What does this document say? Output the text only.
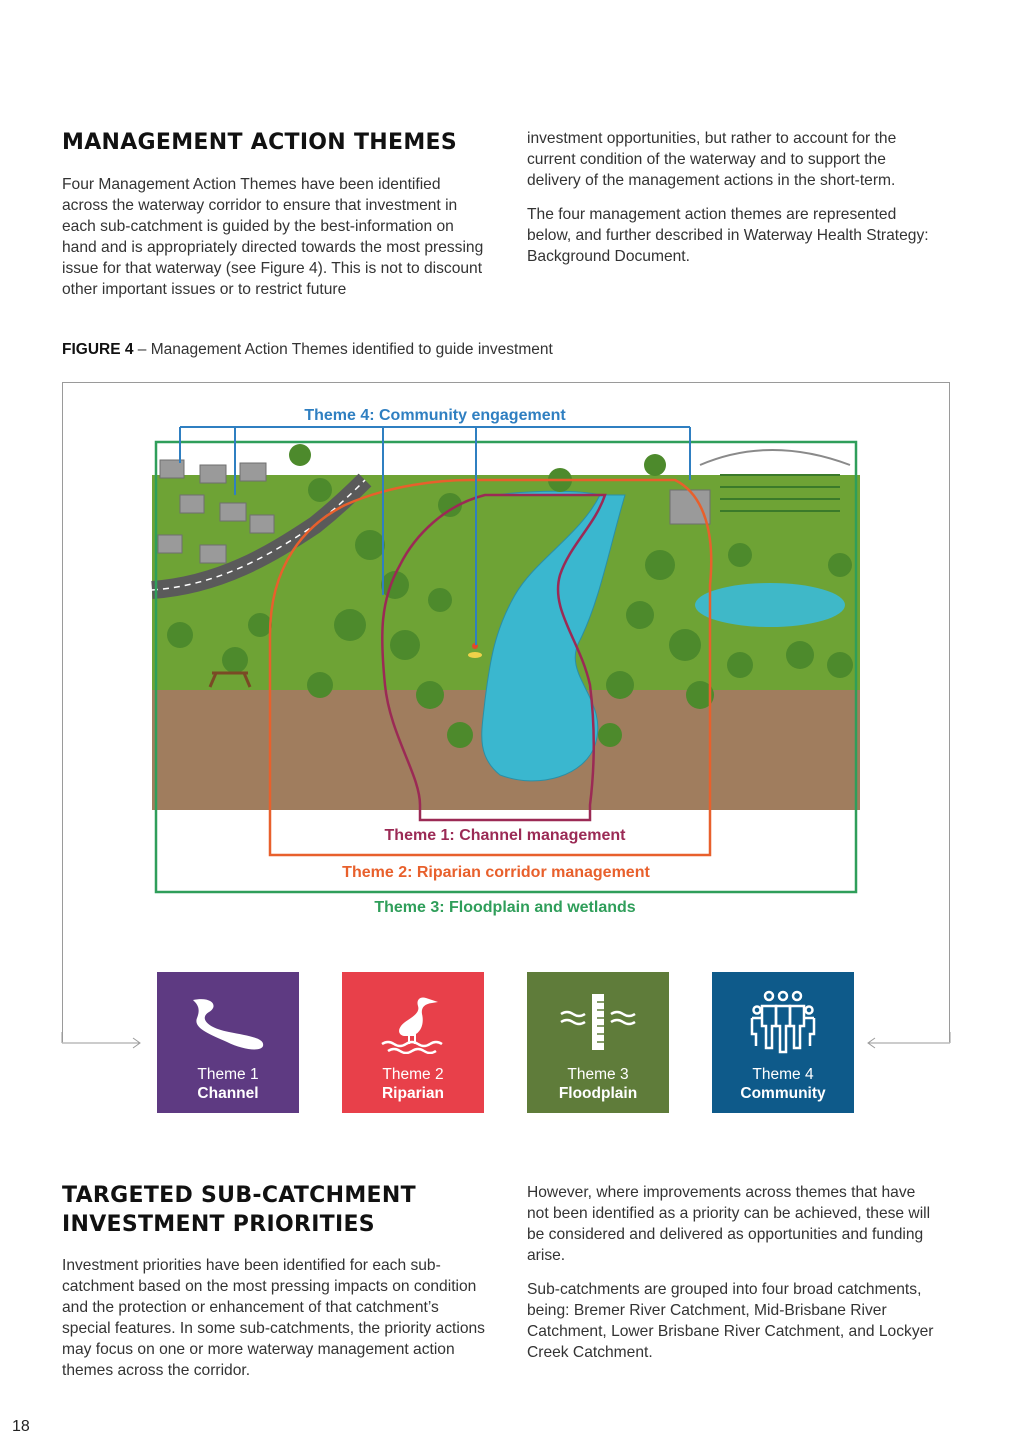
MANAGEMENT ACTION THEMES

Four Management Action Themes have been identified across the waterway corridor to ensure that investment in each sub-catchment is guided by the best-information on hand and is appropriately directed towards the most pressing issue for that waterway (see Figure 4). This is not to discount other important issues or to restrict future

investment opportunities, but rather to account for the current condition of the waterway and to support the delivery of the management actions in the short-term.

The four management action themes are represented below, and further described in Waterway Health Strategy: Background Document.

FIGURE 4 – Management Action Themes identified to guide investment
Theme 4: Community engagement
Theme 1: Channel management
Theme 2: Riparian corridor management
Theme 3: Floodplain and wetlands
Theme 1
Channel
Theme 2
Riparian
Theme 3
Floodplain
Theme 4
Community
TARGETED SUB-CATCHMENT
INVESTMENT PRIORITIES

Investment priorities have been identified for each sub-catchment based on the most pressing impacts on condition and the protection or enhancement of that catchment’s special features. In some sub-catchments, the priority actions may focus on one or more waterway management action themes across the corridor.

However, where improvements across themes that have not been identified as a priority can be achieved, these will be considered and delivered as opportunities and funding arise.

Sub-catchments are grouped into four broad catchments, being: Bremer River Catchment, Mid-Brisbane River Catchment, Lower Brisbane River Catchment, and Lockyer Creek Catchment.

18
